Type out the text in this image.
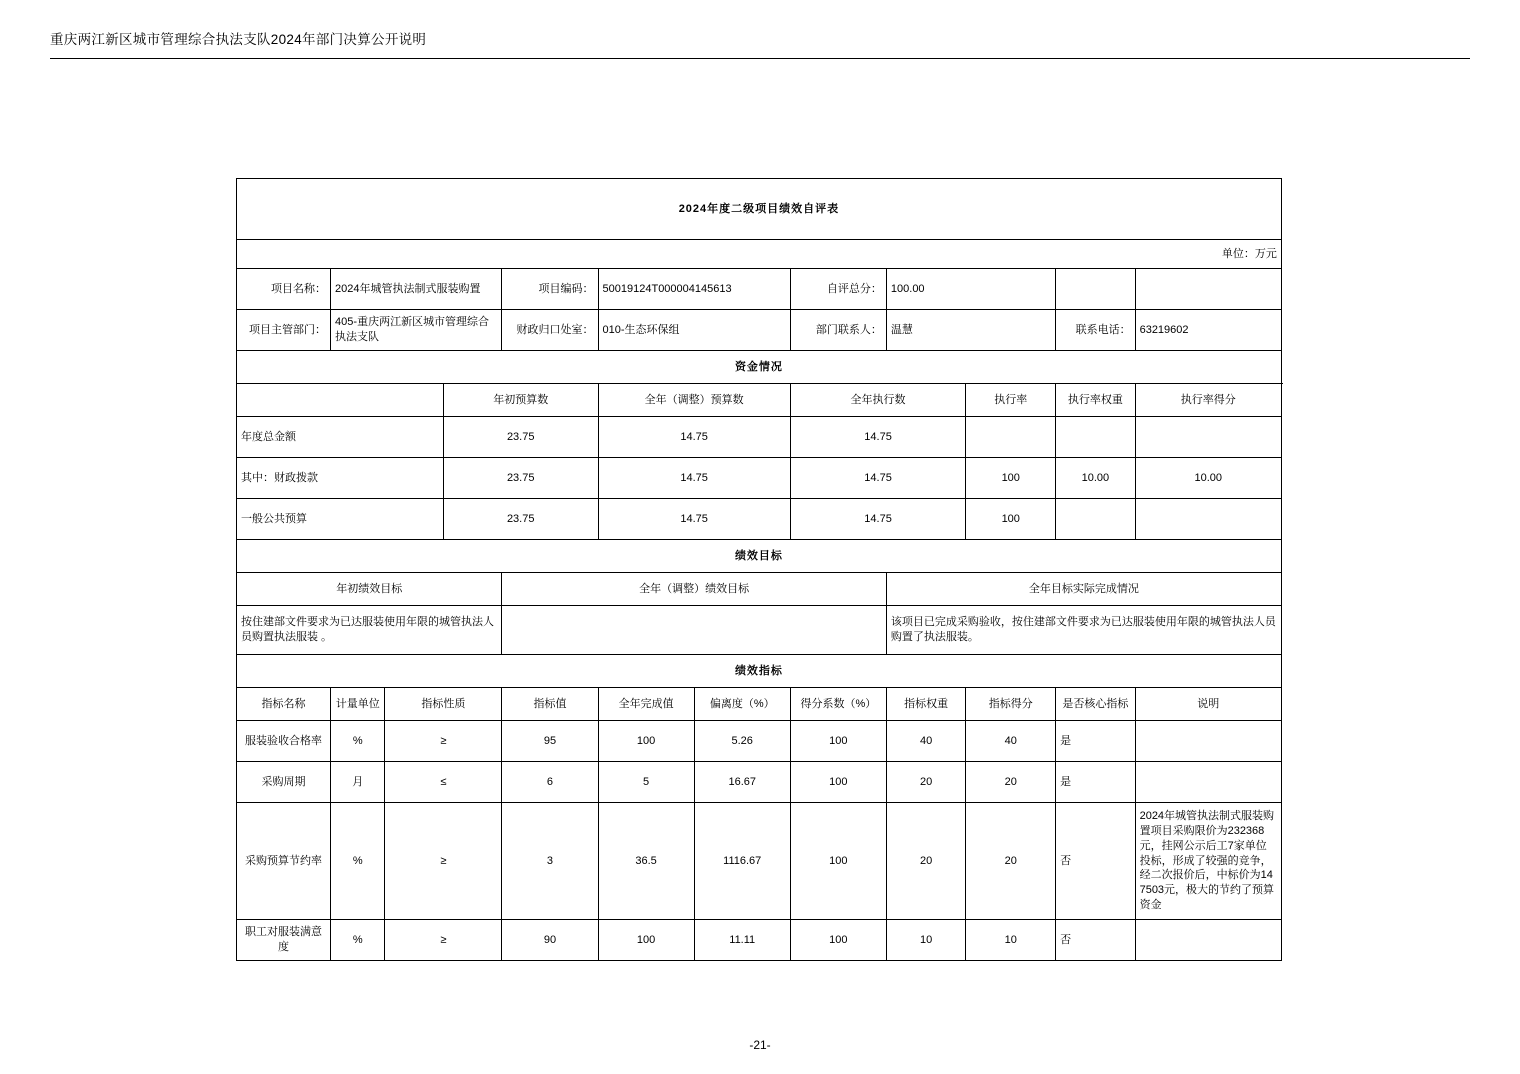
重庆两江新区城市管理综合执法支队2024年部门决算公开说明
2024年度二级项目绩效自评表											
单位：万元											
项目名称：	2024年城管执法制式服装购置			项目编码：	50019124T000004145613		自评总分：	100.00			
项目主管部门：	405-重庆两江新区城市管理综合执法支队			财政归口处室：	010-生态环保组		部门联系人：	温慧		联系电话：	63219602
资金情况											
			年初预算数		全年（调整）预算数		全年执行数		执行率	执行率权重	执行率得分
年度总金额			23.75		14.75		14.75				
其中：财政拨款			23.75		14.75		14.75		100	10.00	10.00
一般公共预算			23.75		14.75		14.75		100		
绩效目标											
年初绩效目标				全年（调整）绩效目标				全年目标实际完成情况			
按住建部文件要求为已达服装使用年限的城管执法人员购置执法服装 。								该项目已完成采购验收，按住建部文件要求为已达服装使用年限的城管执法人员购置了执法服装。			
绩效指标											
指标名称	计量单位	指标性质		指标值	全年完成值	偏离度（%）	得分系数（%）	指标权重	指标得分	是否核心指标	说明
服装验收合格率	%	≥		95	100	5.26	100	40	40	是	
采购周期	月	≤		6	5	16.67	100	20	20	是	
采购预算节约率	%	≥		3	36.5	1116.67	100	20	20	否	2024年城管执法制式服装购置项目采购限价为232368元，挂网公示后工7家单位投标，形成了较强的竞争，经二次报价后，中标价为147503元，极大的节约了预算资金
职工对服装满意度	%	≥		90	100	11.11	100	10	10	否	
-21-
